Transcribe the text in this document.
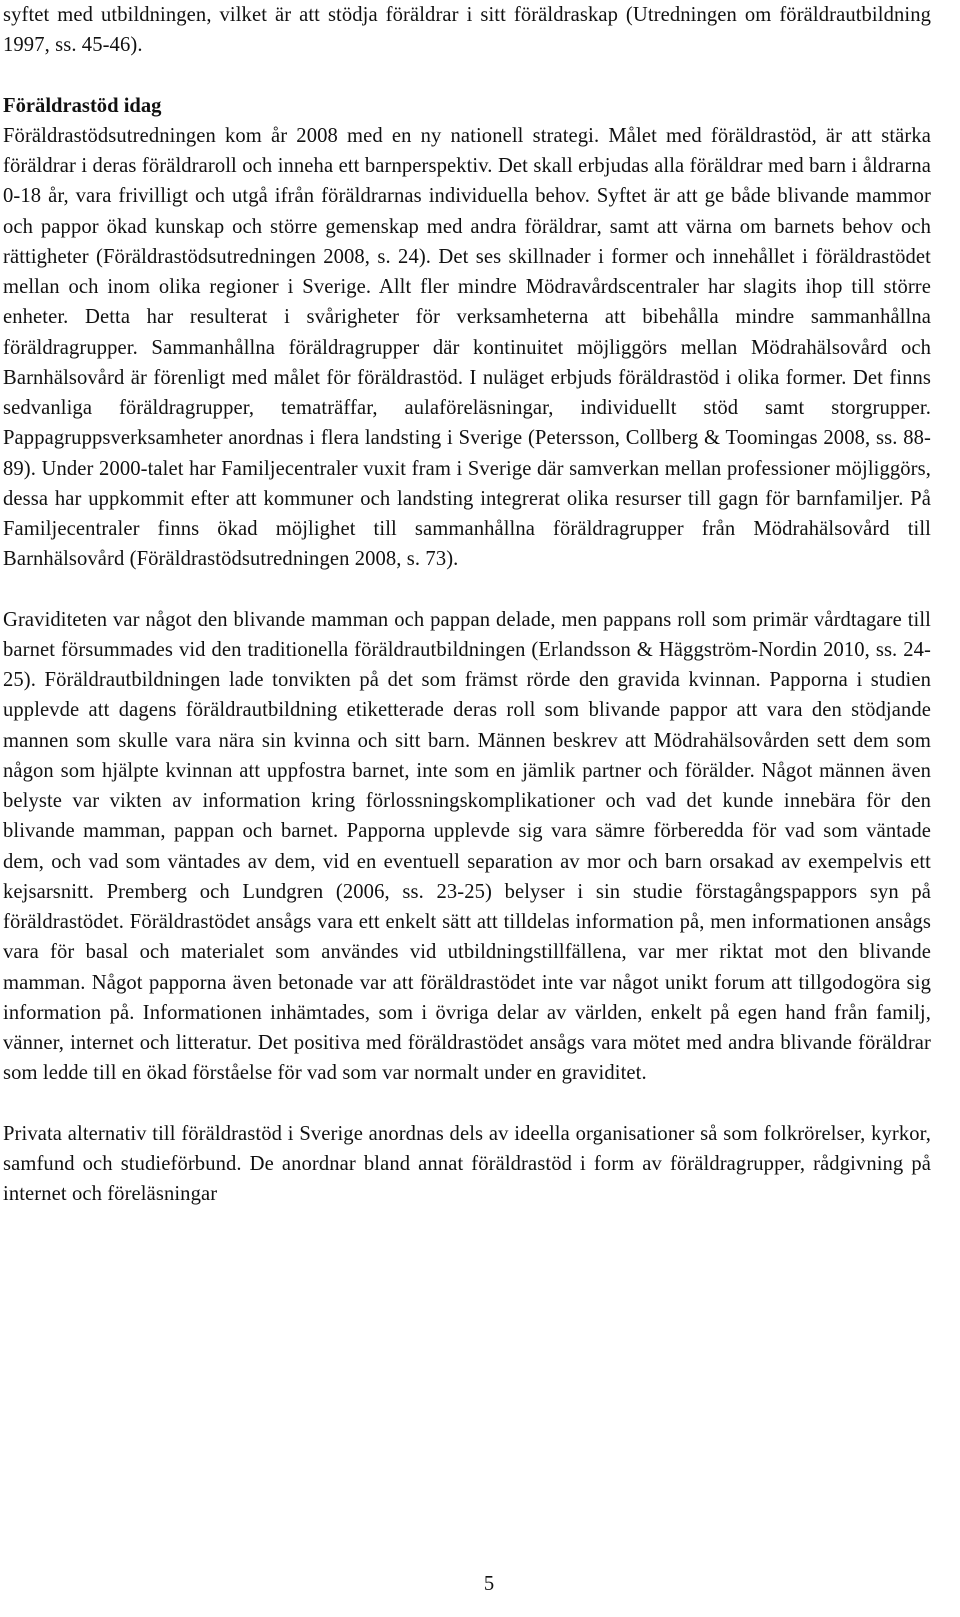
syftet med utbildningen, vilket är att stödja föräldrar i sitt föräldraskap (Utredningen om föräldrautbildning 1997, ss. 45-46).

Föräldrastöd idag

Föräldrastödsutredningen kom år 2008 med en ny nationell strategi. Målet med föräldrastöd, är att stärka föräldrar i deras föräldraroll och inneha ett barnperspektiv. Det skall erbjudas alla föräldrar med barn i åldrarna 0-18 år, vara frivilligt och utgå ifrån föräldrarnas individuella behov. Syftet är att ge både blivande mammor och pappor ökad kunskap och större gemenskap med andra föräldrar, samt att värna om barnets behov och rättigheter (Föräldrastödsutredningen 2008, s. 24). Det ses skillnader i former och innehållet i föräldrastödet mellan och inom olika regioner i Sverige. Allt fler mindre Mödravårdscentraler har slagits ihop till större enheter. Detta har resulterat i svårigheter för verksamheterna att bibehålla mindre sammanhållna föräldragrupper. Sammanhållna föräldragrupper där kontinuitet möjliggörs mellan Mödrahälsovård och Barnhälsovård är förenligt med målet för föräldrastöd. I nuläget erbjuds föräldrastöd i olika former. Det finns sedvanliga föräldragrupper, tematräffar, aulaföreläsningar, individuellt stöd samt storgrupper. Pappagruppsverksamheter anordnas i flera landsting i Sverige (Petersson, Collberg & Toomingas 2008, ss. 88-89). Under 2000-talet har Familjecentraler vuxit fram i Sverige där samverkan mellan professioner möjliggörs, dessa har uppkommit efter att kommuner och landsting integrerat olika resurser till gagn för barnfamiljer. På Familjecentraler finns ökad möjlighet till sammanhållna föräldragrupper från Mödrahälsovård till Barnhälsovård (Föräldrastödsutredningen 2008, s. 73).

Graviditeten var något den blivande mamman och pappan delade, men pappans roll som primär vårdtagare till barnet försummades vid den traditionella föräldrautbildningen (Erlandsson & Häggström-Nordin 2010, ss. 24-25). Föräldrautbildningen lade tonvikten på det som främst rörde den gravida kvinnan. Papporna i studien upplevde att dagens föräldrautbildning etiketterade deras roll som blivande pappor att vara den stödjande mannen som skulle vara nära sin kvinna och sitt barn. Männen beskrev att Mödrahälsovården sett dem som någon som hjälpte kvinnan att uppfostra barnet, inte som en jämlik partner och förälder. Något männen även belyste var vikten av information kring förlossningskomplikationer och vad det kunde innebära för den blivande mamman, pappan och barnet. Papporna upplevde sig vara sämre förberedda för vad som väntade dem, och vad som väntades av dem, vid en eventuell separation av mor och barn orsakad av exempelvis ett kejsarsnitt. Premberg och Lundgren (2006, ss. 23-25) belyser i sin studie förstagångspappors syn på föräldrastödet. Föräldrastödet ansågs vara ett enkelt sätt att tilldelas information på, men informationen ansågs vara för basal och materialet som användes vid utbildningstillfällena, var mer riktat mot den blivande mamman. Något papporna även betonade var att föräldrastödet inte var något unikt forum att tillgodogöra sig information på. Informationen inhämtades, som i övriga delar av världen, enkelt på egen hand från familj, vänner, internet och litteratur. Det positiva med föräldrastödet ansågs vara mötet med andra blivande föräldrar som ledde till en ökad förståelse för vad som var normalt under en graviditet.

Privata alternativ till föräldrastöd i Sverige anordnas dels av ideella organisationer så som folkrörelser, kyrkor, samfund och studieförbund. De anordnar bland annat föräldrastöd i form av föräldragrupper, rådgivning på internet och föreläsningar

5
